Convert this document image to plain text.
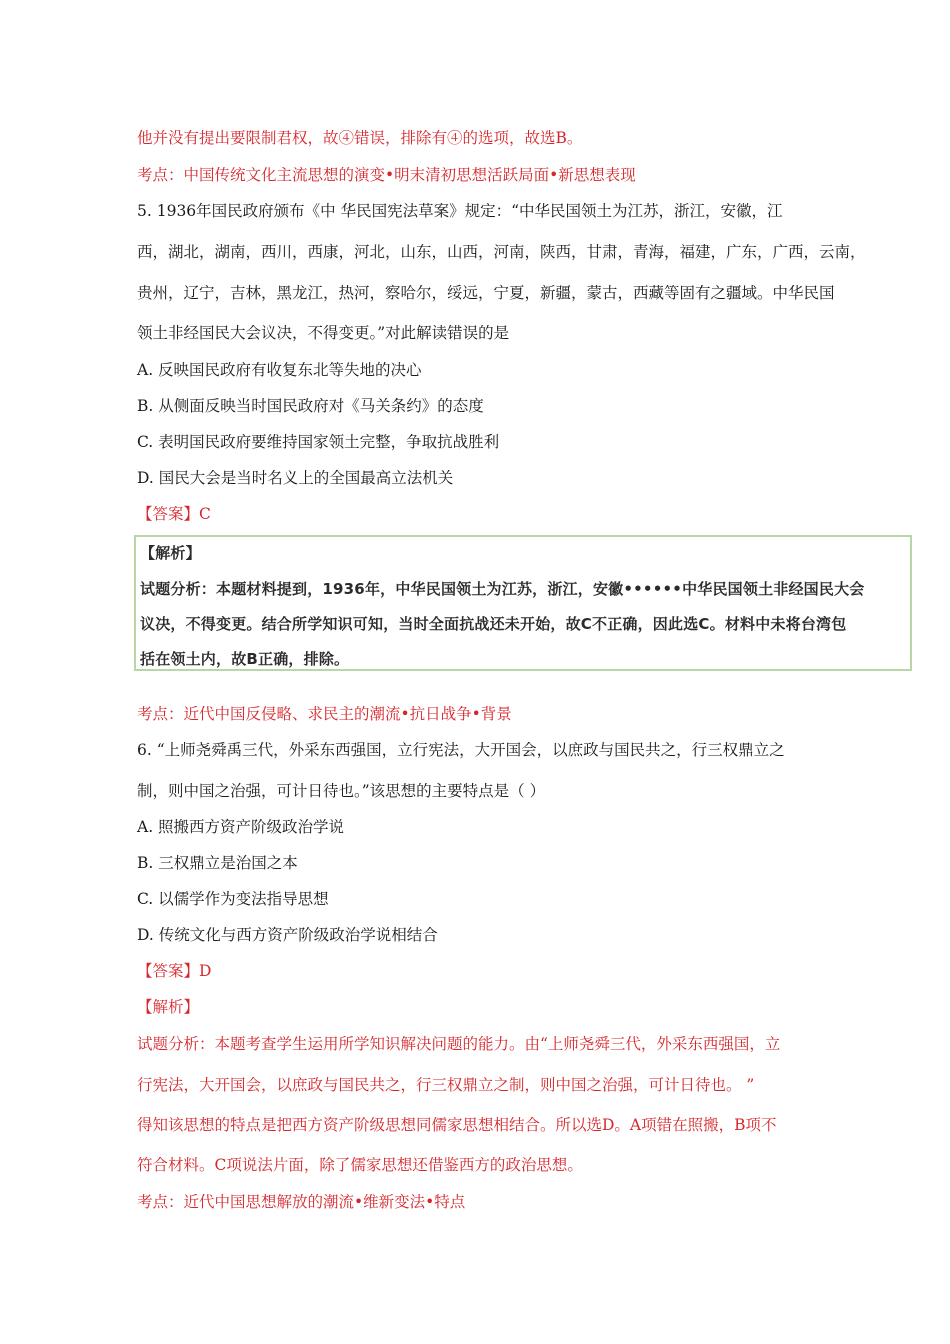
他并没有提出要限制君权，故④错误，排除有④的选项，故选B。
考点：中国传统文化主流思想的演变•明末清初思想活跃局面•新思想表现
5. 1936年国民政府颁布《中 华民国宪法草案》规定：“中华民国领土为江苏，浙江，安徽，江
西，湖北，湖南，西川，西康，河北，山东，山西，河南，陕西，甘肃，青海，福建，广东，广西，云南，
贵州，辽宁，吉林，黑龙江，热河，察哈尔，绥远，宁夏，新疆，蒙古，西藏等固有之疆域。中华民国
领土非经国民大会议决，不得变更。”对此解读错误的是
A. 反映国民政府有收复东北等失地的决心
B. 从侧面反映当时国民政府对《马关条约》的态度
C. 表明国民政府要维持国家领土完整，争取抗战胜利
D. 国民大会是当时名义上的全国最高立法机关
【答案】C
【解析】
试题分析：本题材料提到，1936年，中华民国领土为江苏，浙江，安徽••••••中华民国领土非经国民大会
议决，不得变更。结合所学知识可知，当时全面抗战还未开始，故C不正确，因此选C。材料中未将台湾包
括在领土内，故B正确，排除。
考点：近代中国反侵略、求民主的潮流•抗日战争•背景
6. “上师尧舜禹三代，外采东西强国，立行宪法，大开国会，以庶政与国民共之，行三权鼎立之
制，则中国之治强，可计日待也。”该思想的主要特点是（ ）
A. 照搬西方资产阶级政治学说
B. 三权鼎立是治国之本
C. 以儒学作为变法指导思想
D. 传统文化与西方资产阶级政治学说相结合
【答案】D
【解析】
试题分析：本题考查学生运用所学知识解决问题的能力。由“上师尧舜三代，外采东西强国，立
行宪法，大开国会，以庶政与国民共之，行三权鼎立之制，则中国之治强，可计日待也。 ”
得知该思想的特点是把西方资产阶级思想同儒家思想相结合。所以选D。A项错在照搬，B项不
符合材料。C项说法片面，除了儒家思想还借鉴西方的政治思想。
考点：近代中国思想解放的潮流•维新变法•特点
